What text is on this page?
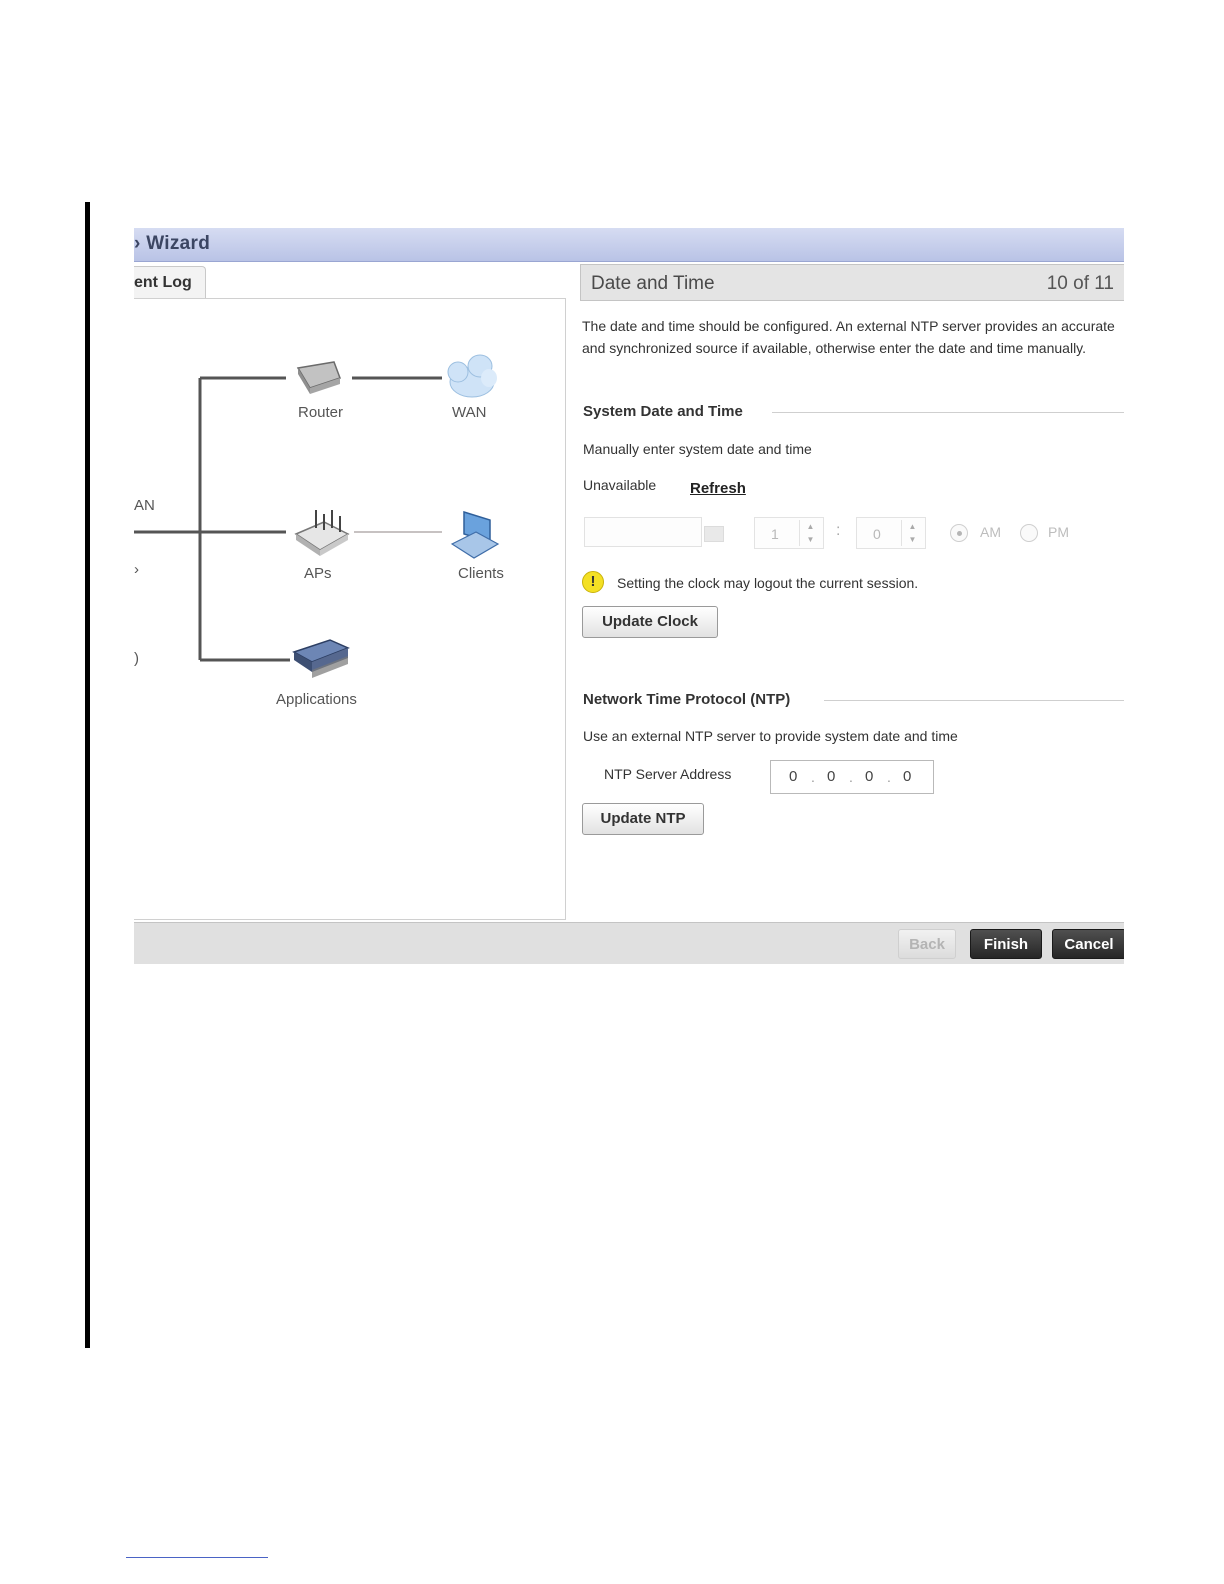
› Wizard
ent Log
Router	WAN
APs	Clients
Applications
AN
›
)
Date and Time	10 of 11
The date and time should be configured. An external NTP server provides an accurate and synchronized source if available, otherwise enter the date and time manually.
System Date and Time
Manually enter system date and time
Unavailable Refresh
1	▲
▼
: 0	▲
▼	AM	PM
!	Setting the clock may logout the current session.
Update Clock
Network Time Protocol (NTP)
Use an external NTP server to provide system date and time
NTP Server Address	0 . 0 . 0 . 0
Update NTP
Back	Finish	Cancel
